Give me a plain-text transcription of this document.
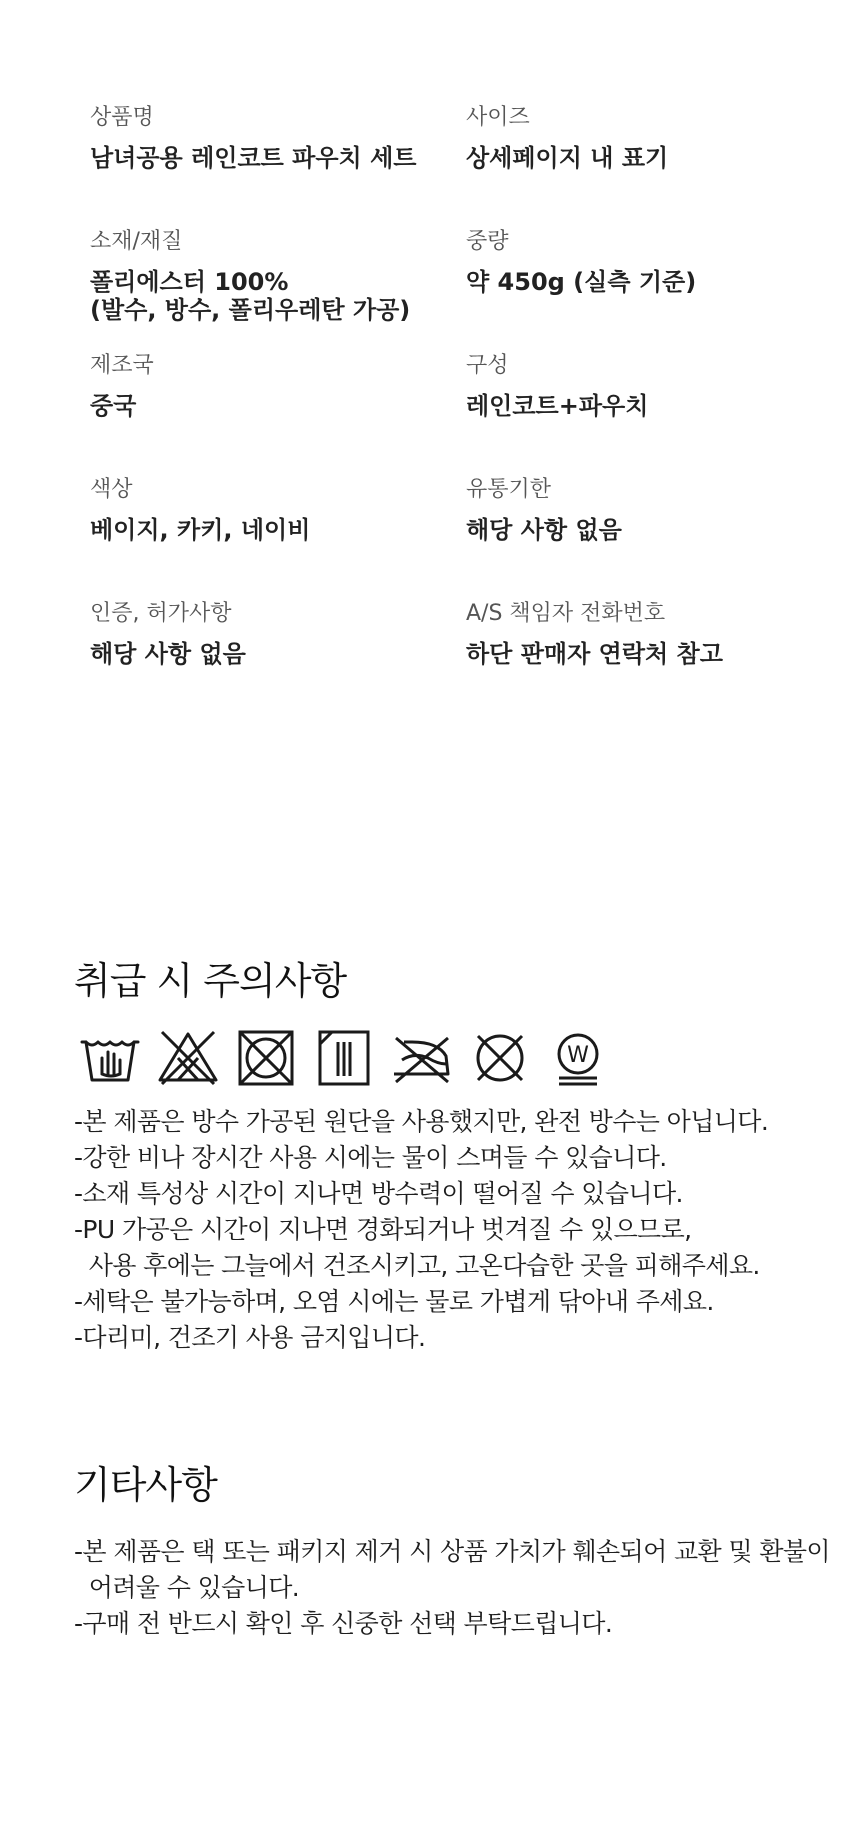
상품명
남녀공용 레인코트 파우치 세트
사이즈
상세페이지 내 표기
소재/재질
폴리에스터 100%
(발수, 방수, 폴리우레탄 가공)
중량
약 450g (실측 기준)
제조국
중국
구성
레인코트+파우치
색상
베이지, 카키, 네이비
유통기한
해당 사항 없음
인증, 허가사항
해당 사항 없음
A/S 책임자 전화번호
하단 판매자 연락처 참고
취급 시 주의사항
W
-본 제품은 방수 가공된 원단을 사용했지만, 완전 방수는 아닙니다.
-강한 비나 장시간 사용 시에는 물이 스며들 수 있습니다.
-소재 특성상 시간이 지나면 방수력이 떨어질 수 있습니다.
-PU 가공은 시간이 지나면 경화되거나 벗겨질 수 있으므로,
사용 후에는 그늘에서 건조시키고, 고온다습한 곳을 피해주세요.
-세탁은 불가능하며, 오염 시에는 물로 가볍게 닦아내 주세요.
-다리미, 건조기 사용 금지입니다.
기타사항
-본 제품은 택 또는 패키지 제거 시 상품 가치가 훼손되어 교환 및 환불이
어려울 수 있습니다.
-구매 전 반드시 확인 후 신중한 선택 부탁드립니다.
